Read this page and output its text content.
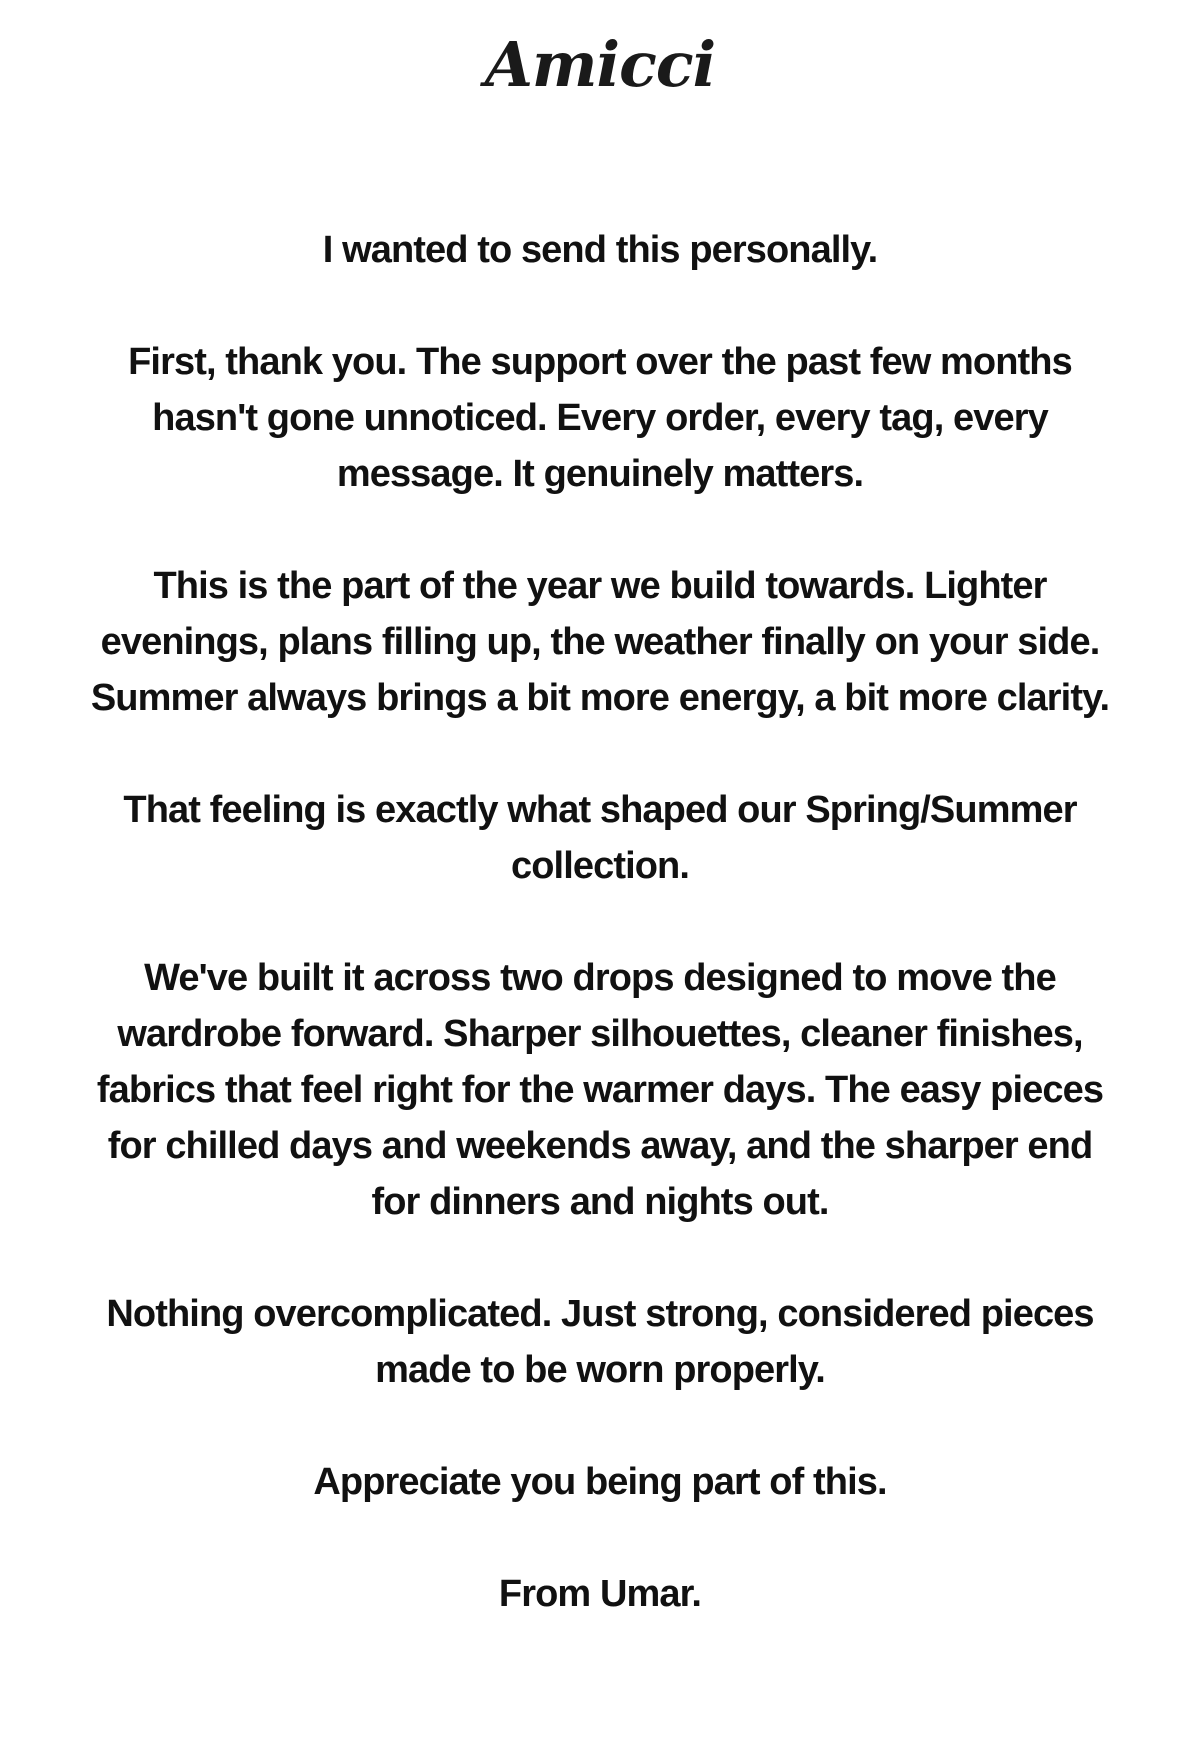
Amicci

I wanted to send this personally.

First, thank you. The support over the past few months
hasn't gone unnoticed. Every order, every tag, every
message. It genuinely matters.

This is the part of the year we build towards. Lighter
evenings, plans filling up, the weather finally on your side.
Summer always brings a bit more energy, a bit more clarity.

That feeling is exactly what shaped our Spring/Summer
collection.

We've built it across two drops designed to move the
wardrobe forward. Sharper silhouettes, cleaner finishes,
fabrics that feel right for the warmer days. The easy pieces
for chilled days and weekends away, and the sharper end
for dinners and nights out.

Nothing overcomplicated. Just strong, considered pieces
made to be worn properly.

Appreciate you being part of this.

From Umar.
